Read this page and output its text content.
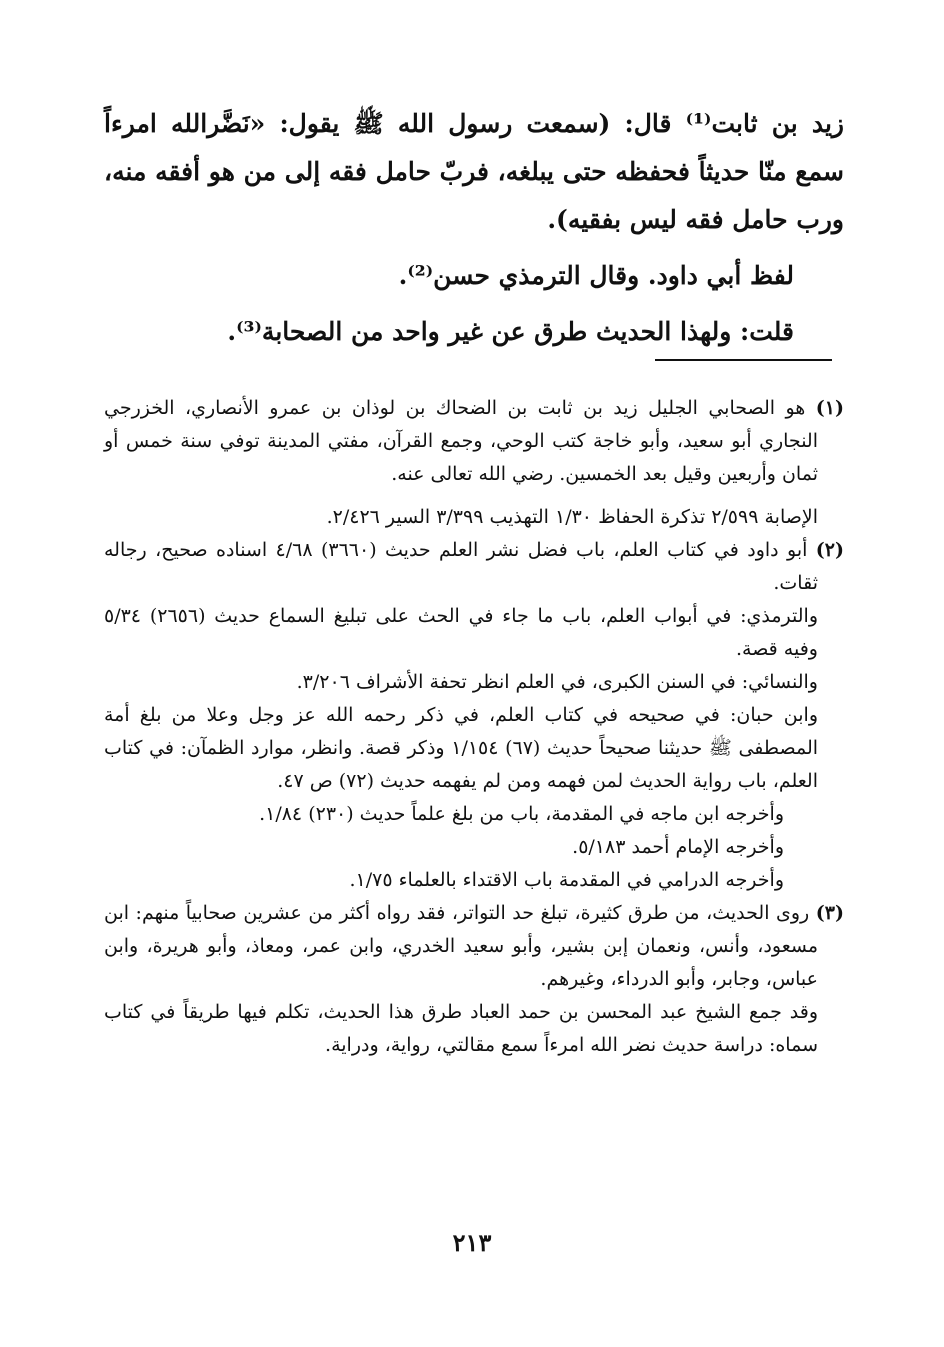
زيد بن ثابت⁽¹⁾ قال: (سمعت رسول الله ﷺ يقول: «نَضَّرالله امرءاً سمع منّا حديثاً فحفظه حتى يبلغه، فربّ حامل فقه إلى من هو أفقه منه، ورب حامل فقه ليس بفقيه).

لفظ أبي داود. وقال الترمذي حسن⁽²⁾.

قلت: ولهذا الحديث طرق عن غير واحد من الصحابة⁽³⁾.

(١) هو الصحابي الجليل زيد بن ثابت بن الضحاك بن لوذان بن عمرو الأنصاري، الخزرجي النجاري أبو سعيد، وأبو خاجة كتب الوحي، وجمع القرآن، مفتي المدينة توفي سنة خمس أو ثمان وأربعين وقيل بعد الخمسين. رضي الله تعالى عنه.

الإصابة ٢/٥٩٩ تذكرة الحفاظ ١/٣٠ التهذيب ٣/٣٩٩ السير ٢/٤٢٦.

(٢) أبو داود في كتاب العلم، باب فضل نشر العلم حديث (٣٦٦٠) ٤/٦٨ اسناده صحيح، رجاله ثقات.

والترمذي: في أبواب العلم، باب ما جاء في الحث على تبليغ السماع حديث (٢٦٥٦) ٥/٣٤ وفيه قصة.

والنسائي: في السنن الكبرى، في العلم انظر تحفة الأشراف ٣/٢٠٦.

وابن حبان: في صحيحه في كتاب العلم، في ذكر رحمه الله عز وجل وعلا من بلغ أمة المصطفى ﷺ حديثنا صحيحاً حديث (٦٧) ١/١٥٤ وذكر قصة. وانظر، موارد الظمآن: في كتاب العلم، باب رواية الحديث لمن فهمه ومن لم يفهمه حديث (٧٢) ص ٤٧.

وأخرجه ابن ماجه في المقدمة، باب من بلغ علماً حديث (٢٣٠) ١/٨٤.

وأخرجه الإمام أحمد ٥/١٨٣.

وأخرجه الدرامي في المقدمة باب الاقتداء بالعلماء ١/٧٥.

(٣) روى الحديث، من طرق كثيرة، تبلغ حد التواتر، فقد رواه أكثر من عشرين صحابياً منهم: ابن مسعود، وأنس، ونعمان إبن بشير، وأبو سعيد الخدري، وابن عمر، ومعاذ، وأبو هريرة، وابن عباس، وجابر، وأبو الدرداء، وغيرهم.

وقد جمع الشيخ عبد المحسن بن حمد العباد طرق هذا الحديث، تكلم فيها طريقاً في كتاب سماه: دراسة حديث نضر الله امرءاً سمع مقالتي، رواية، ودراية.

٢١٣
